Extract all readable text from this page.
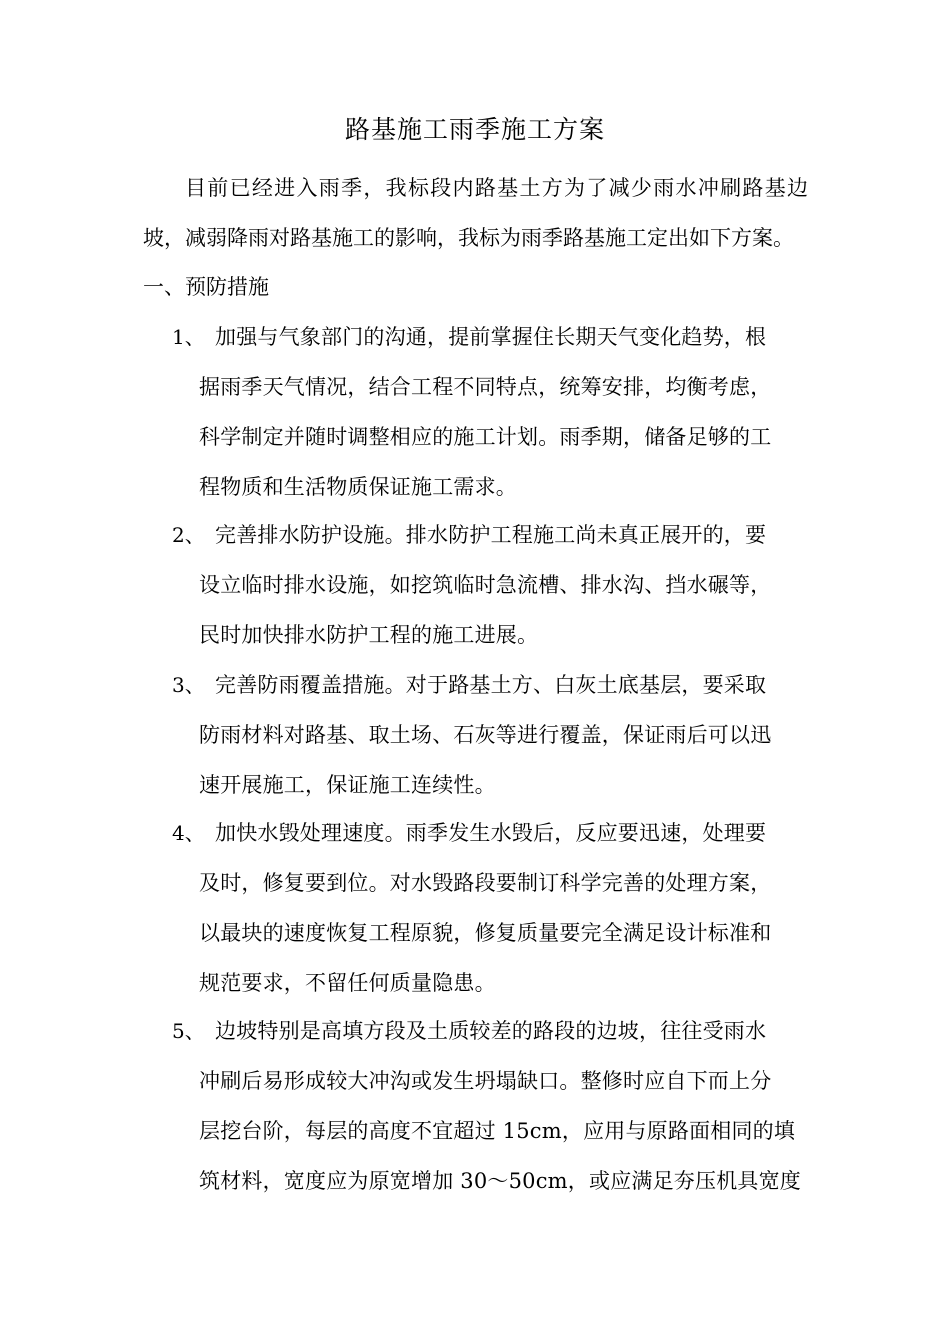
路基施工雨季施工方案
目前已经进入雨季，我标段内路基土方为了减少雨水冲刷路基边坡，减弱降雨对路基施工的影响，我标为雨季路基施工定出如下方案。
一、预防措施
1、 加强与气象部门的沟通，提前掌握住长期天气变化趋势，根
据雨季天气情况，结合工程不同特点，统筹安排，均衡考虑，
科学制定并随时调整相应的施工计划。雨季期，储备足够的工
程物质和生活物质保证施工需求。
2、 完善排水防护设施。排水防护工程施工尚未真正展开的，要
设立临时排水设施，如挖筑临时急流槽、排水沟、挡水碾等，
民时加快排水防护工程的施工进展。
3、 完善防雨覆盖措施。对于路基土方、白灰土底基层，要采取
防雨材料对路基、取土场、石灰等进行覆盖，保证雨后可以迅
速开展施工，保证施工连续性。
4、 加快水毁处理速度。雨季发生水毁后，反应要迅速，处理要
及时，修复要到位。对水毁路段要制订科学完善的处理方案，
以最块的速度恢复工程原貌，修复质量要完全满足设计标准和
规范要求，不留任何质量隐患。
5、 边坡特别是高填方段及土质较差的路段的边坡，往往受雨水
冲刷后易形成较大冲沟或发生坍塌缺口。整修时应自下而上分
层挖台阶，每层的高度不宜超过 15cm，应用与原路面相同的填
筑材料，宽度应为原宽增加 30～50cm，或应满足夯压机具宽度
